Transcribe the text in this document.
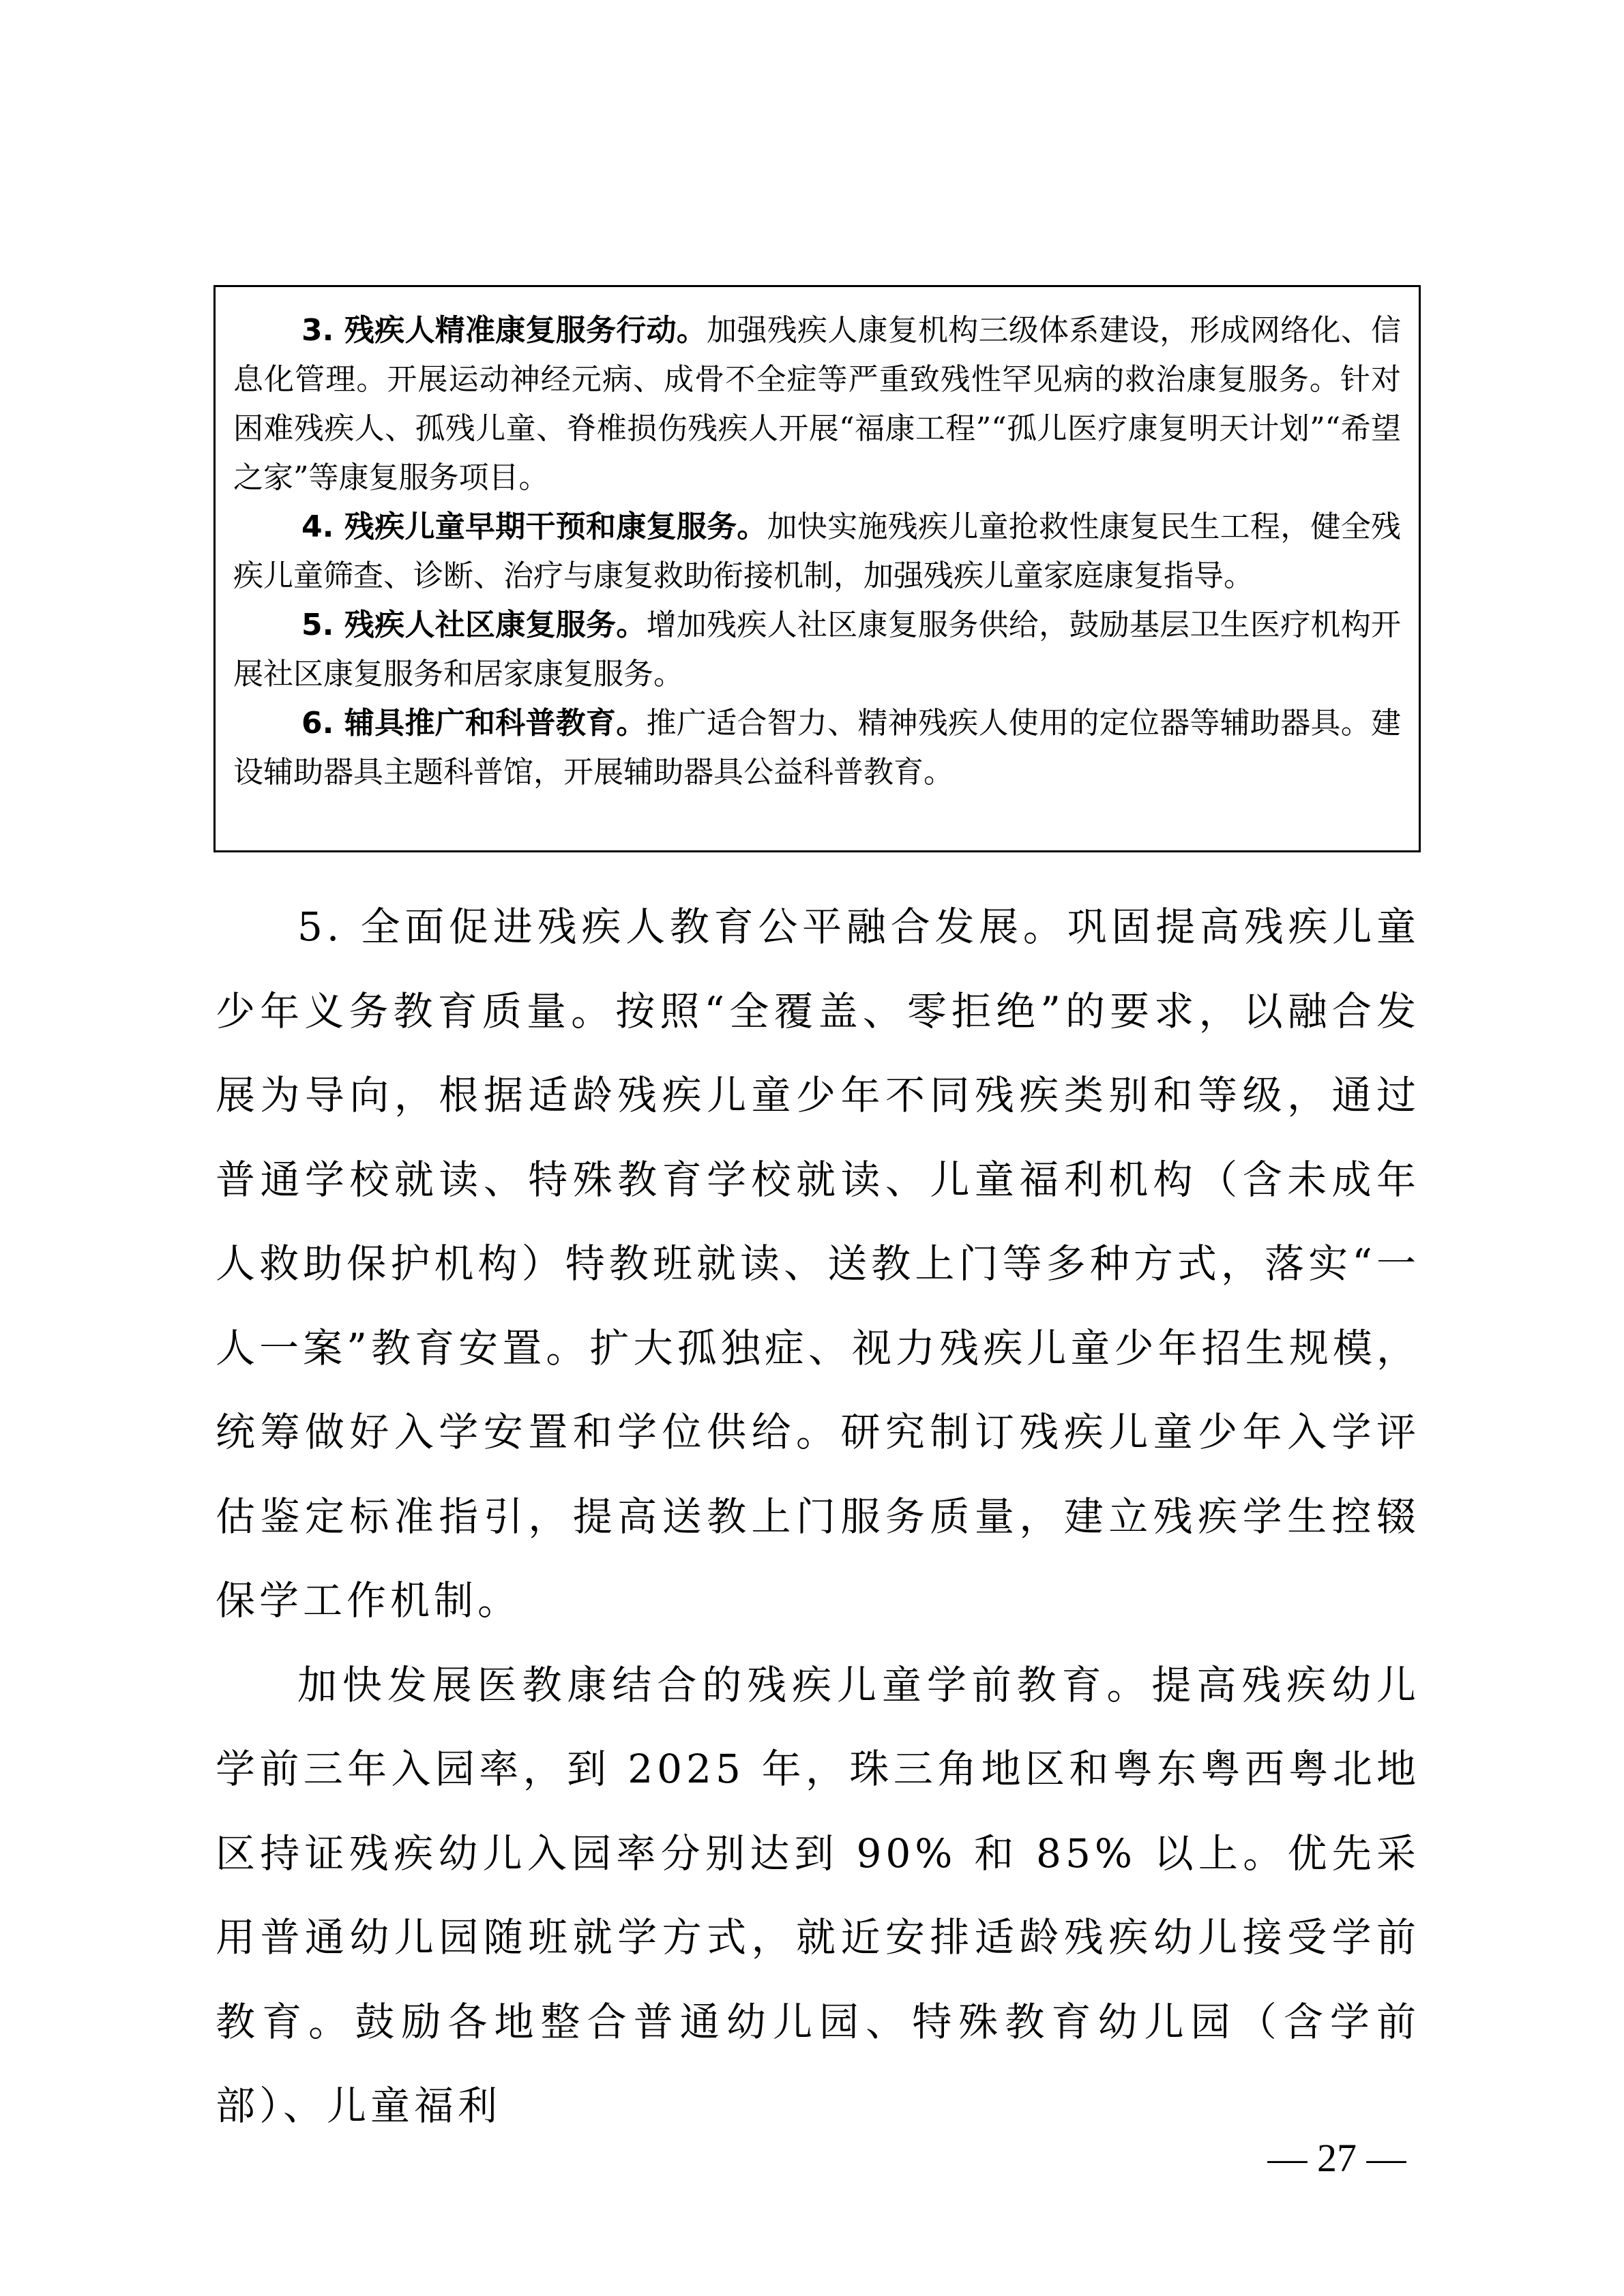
3. 残疾人精准康复服务行动。加强残疾人康复机构三级体系建设，形成网络化、信息化管理。开展运动神经元病、成骨不全症等严重致残性罕见病的救治康复服务。针对困难残疾人、孤残儿童、脊椎损伤残疾人开展“福康工程”“孤儿医疗康复明天计划”“希望之家”等康复服务项目。

4. 残疾儿童早期干预和康复服务。加快实施残疾儿童抢救性康复民生工程，健全残疾儿童筛查、诊断、治疗与康复救助衔接机制，加强残疾儿童家庭康复指导。

5. 残疾人社区康复服务。增加残疾人社区康复服务供给，鼓励基层卫生医疗机构开展社区康复服务和居家康复服务。

6. 辅具推广和科普教育。推广适合智力、精神残疾人使用的定位器等辅助器具。建设辅助器具主题科普馆，开展辅助器具公益科普教育。

5. 全面促进残疾人教育公平融合发展。巩固提高残疾儿童少年义务教育质量。按照“全覆盖、零拒绝”的要求，以融合发展为导向，根据适龄残疾儿童少年不同残疾类别和等级，通过普通学校就读、特殊教育学校就读、儿童福利机构（含未成年人救助保护机构）特教班就读、送教上门等多种方式，落实“一人一案”教育安置。扩大孤独症、视力残疾儿童少年招生规模，统筹做好入学安置和学位供给。研究制订残疾儿童少年入学评估鉴定标准指引，提高送教上门服务质量，建立残疾学生控辍保学工作机制。

加快发展医教康结合的残疾儿童学前教育。提高残疾幼儿学前三年入园率，到 2025 年，珠三角地区和粤东粤西粤北地区持证残疾幼儿入园率分别达到 90% 和 85% 以上。优先采用普通幼儿园随班就学方式，就近安排适龄残疾幼儿接受学前教育。鼓励各地整合普通幼儿园、特殊教育幼儿园（含学前部）、儿童福利

— 27 —
